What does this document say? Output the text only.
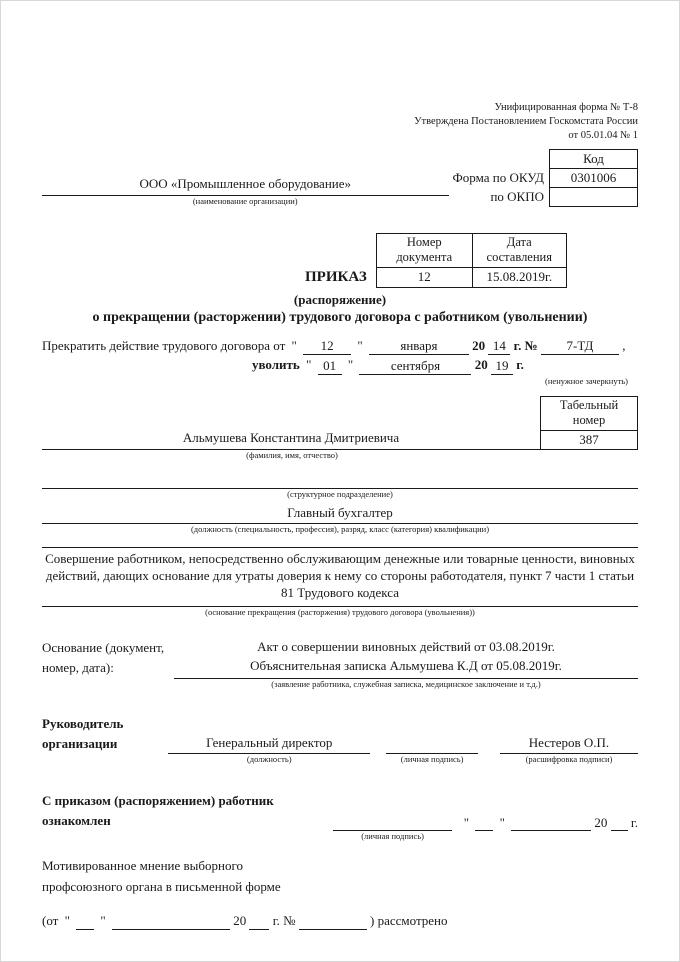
Унифицированная форма № Т-8
Утверждена Постановлением Госкомстата России
от 05.01.04 № 1
ООО «Промышленное оборудование»
(наименование организации)
	Код
Форма по ОКУД	0301006
по ОКПО	
ПРИКАЗ
Номер документа	Дата составления
12	15.08.2019г.
(распоряжение)
о прекращении (расторжении) трудового договора с работником (увольнении)
Прекратить действие трудового договора от " 12 "	января	20 14 г. № 7-ТД ,
уволить " 01 "	сентября	20 19 г.
(ненужное зачеркнуть)
Альмушева Константина Дмитриевича
Табельный номер
387
(фамилия, имя, отчество)
(структурное подразделение)
Главный бухгалтер
(должность (специальность, профессия), разряд, класс (категория) квалификации)
Совершение работником, непосредственно обслуживающим денежные или товарные ценности, виновных действий, дающих основание для утраты доверия к нему со стороны работодателя, пункт 7 части 1 статьи 81 Трудового кодекса
(основание прекращения (расторжения) трудового договора (увольнения))
Основание (документ, номер, дата):
Акт о совершении виновных действий от 03.08.2019г.
Объяснительная записка Альмушева К.Д от 05.08.2019г.
(заявление работника, служебная записка, медицинское заключение и т.д.)
Руководитель организации	Генеральный директор
(должность)	(личная подпись)
Нестеров О.П.
(расшифровка подписи)
С приказом (распоряжением) работник ознакомлен
(личная подпись)
" "	20 г.
Мотивированное мнение выборного
профсоюзного органа в письменной форме
(от " "	20 г. №	) рассмотрено
